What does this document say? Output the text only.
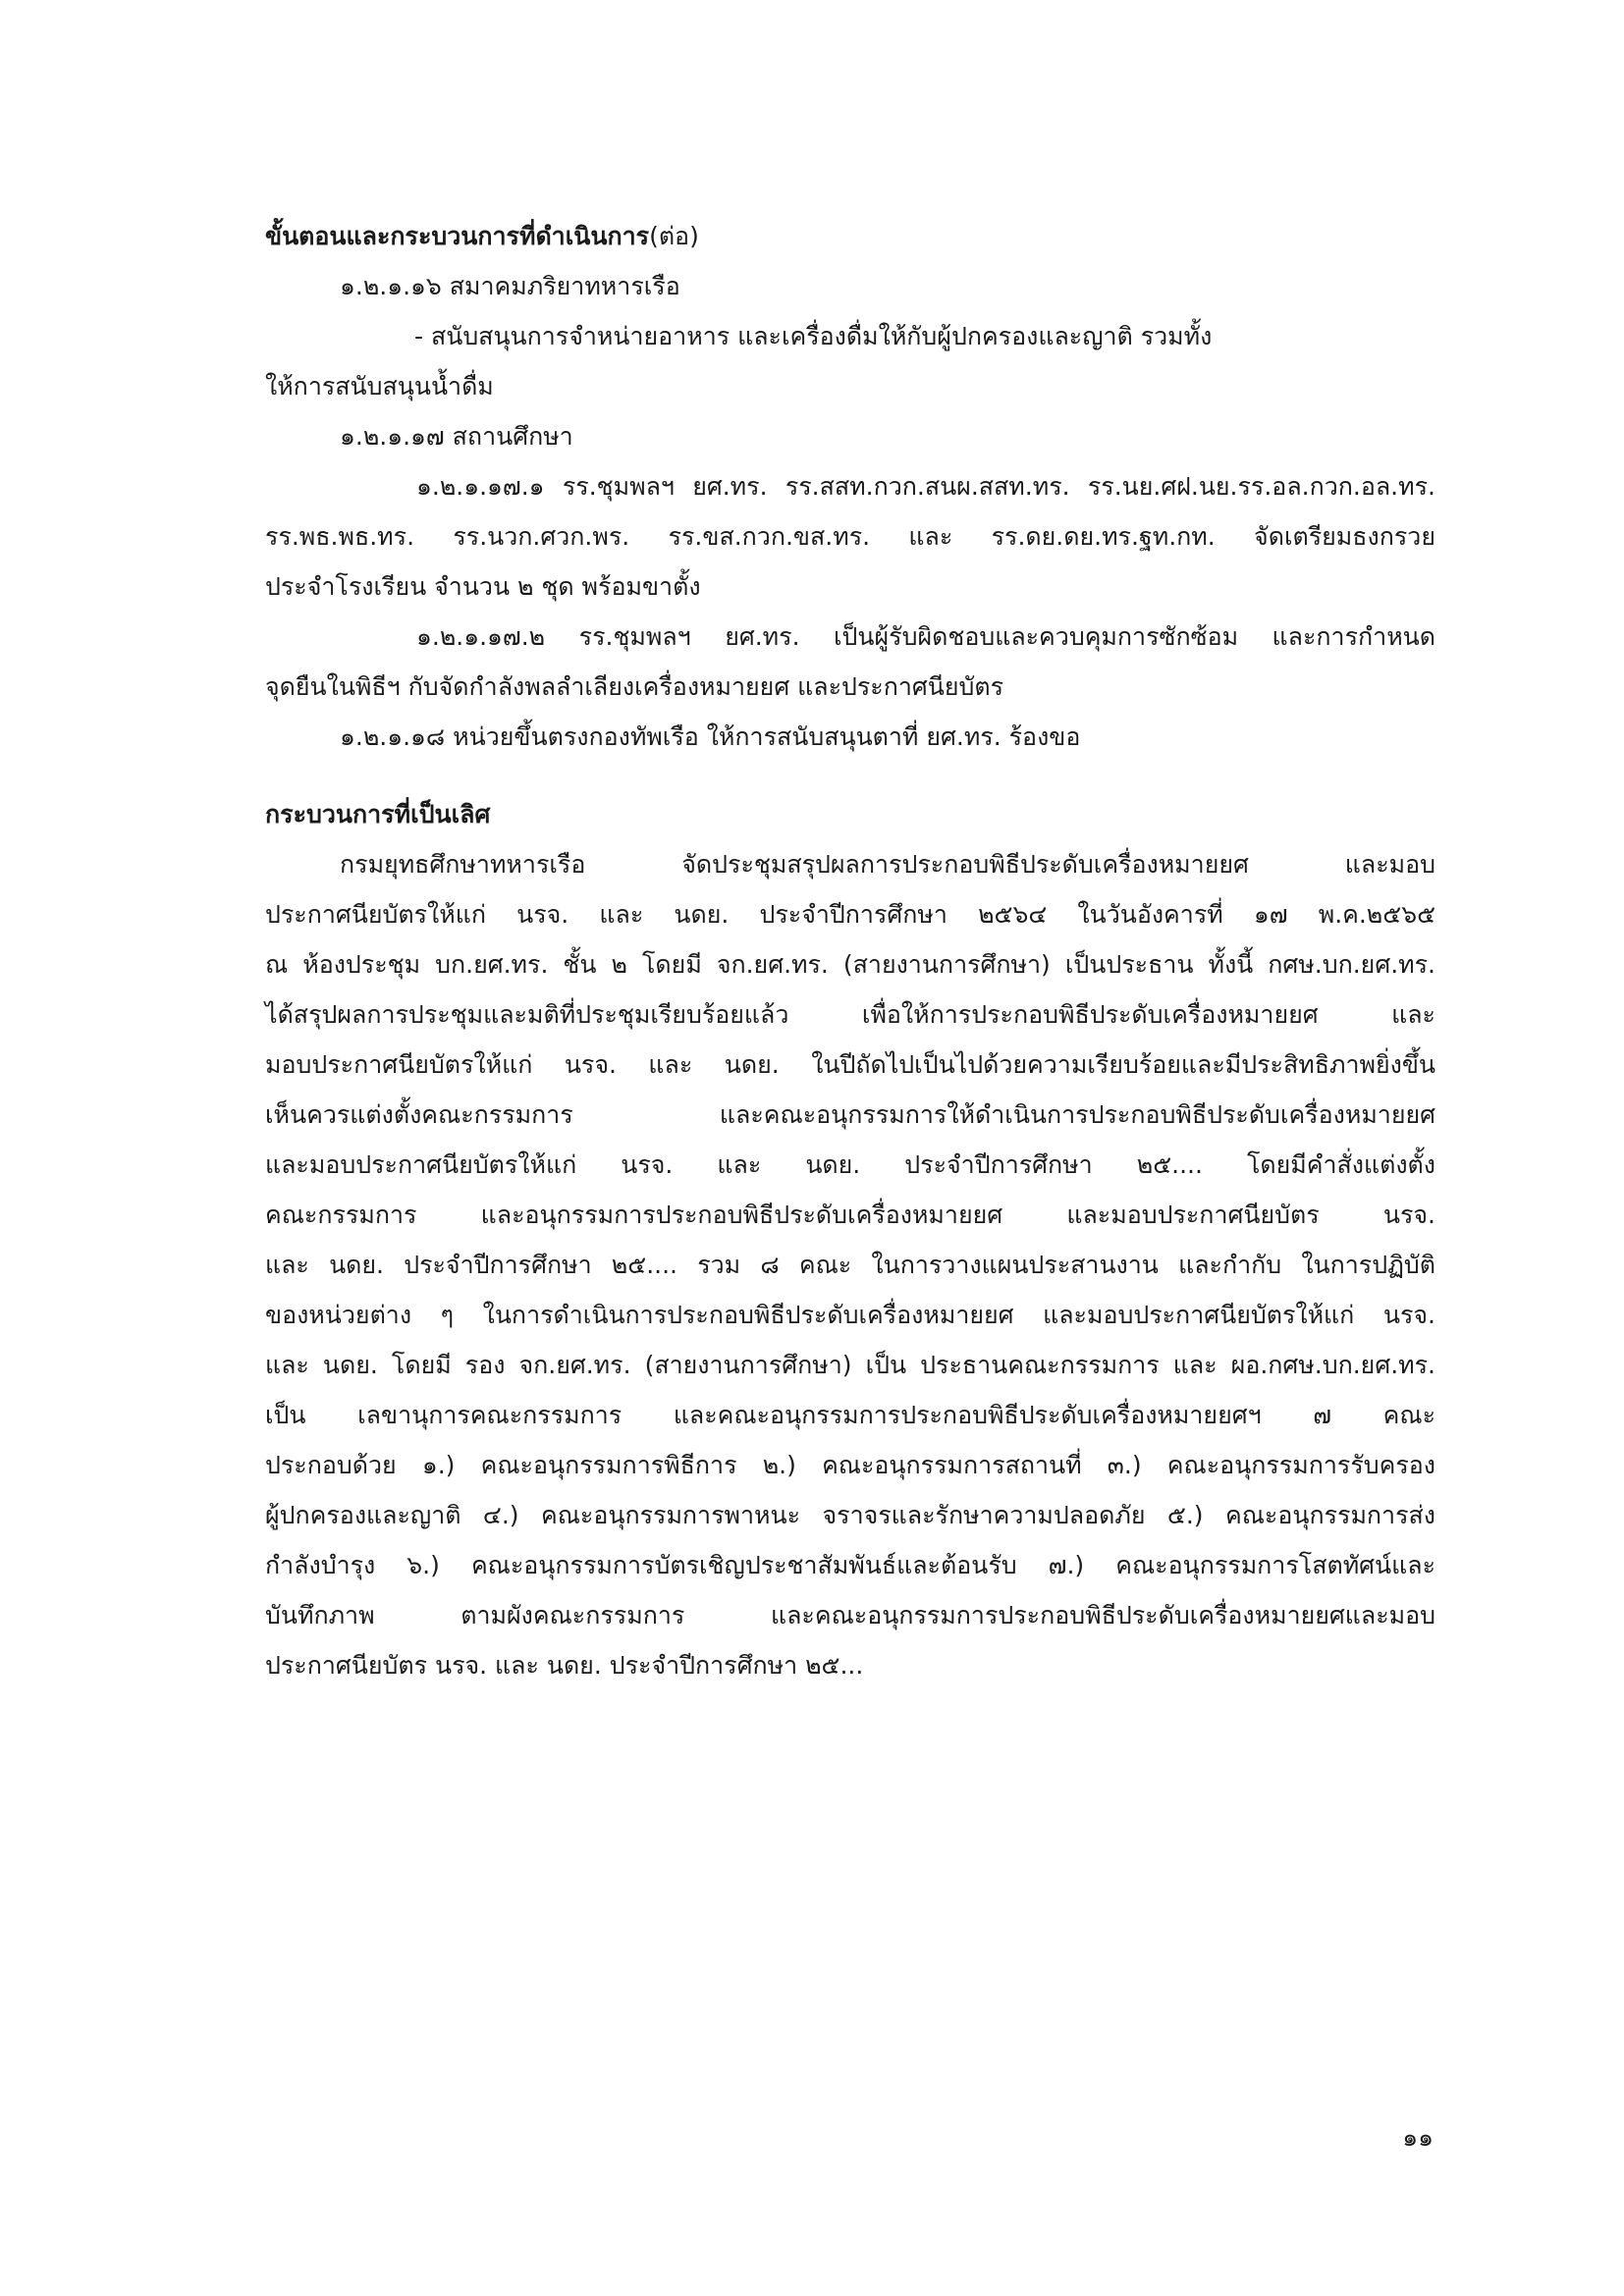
ขั้นตอนและกระบวนการที่ดำเนินการ(ต่อ)
๑.๒.๑.๑๖ สมาคมภริยาทหารเรือ
- สนับสนุนการจำหน่ายอาหาร และเครื่องดื่มให้กับผู้ปกครองและญาติ รวมทั้ง
ให้การสนับสนุนน้ำดื่ม
๑.๒.๑.๑๗ สถานศึกษา
๑.๒.๑.๑๗.๑ รร.ชุมพลฯ ยศ.ทร. รร.สสท.กวก.สนผ.สสท.ทร. รร.นย.ศฝ.นย.รร.อล.กวก.อล.ทร.
รร.พธ.พธ.ทร. รร.นวก.ศวก.พร. รร.ขส.กวก.ขส.ทร. และ รร.ดย.ดย.ทร.ฐท.กท. จัดเตรียมธงกรวย
ประจำโรงเรียน จำนวน ๒ ชุด พร้อมขาตั้ง
๑.๒.๑.๑๗.๒ รร.ชุมพลฯ ยศ.ทร. เป็นผู้รับผิดชอบและควบคุมการซักซ้อม และการกำหนด
จุดยืนในพิธีฯ กับจัดกำลังพลลำเลียงเครื่องหมายยศ และประกาศนียบัตร
๑.๒.๑.๑๘ หน่วยขึ้นตรงกองทัพเรือ ให้การสนับสนุนตาที่ ยศ.ทร. ร้องขอ
กระบวนการที่เป็นเลิศ
กรมยุทธศึกษาทหารเรือ จัดประชุมสรุปผลการประกอบพิธีประดับเครื่องหมายยศ และมอบ
ประกาศนียบัตรให้แก่ นรจ. และ นดย. ประจำปีการศึกษา ๒๕๖๔ ในวันอังคารที่ ๑๗ พ.ค.๒๕๖๕
ณ ห้องประชุม บก.ยศ.ทร. ชั้น ๒ โดยมี จก.ยศ.ทร. (สายงานการศึกษา) เป็นประธาน ทั้งนี้ กศษ.บก.ยศ.ทร.
ได้สรุปผลการประชุมและมติที่ประชุมเรียบร้อยแล้ว เพื่อให้การประกอบพิธีประดับเครื่องหมายยศ และ
มอบประกาศนียบัตรให้แก่ นรจ. และ นดย. ในปีถัดไปเป็นไปด้วยความเรียบร้อยและมีประสิทธิภาพยิ่งขึ้น
เห็นควรแต่งตั้งคณะกรรมการ และคณะอนุกรรมการให้ดำเนินการประกอบพิธีประดับเครื่องหมายยศ
และมอบประกาศนียบัตรให้แก่ นรจ. และ นดย. ประจำปีการศึกษา ๒๕.... โดยมีคำสั่งแต่งตั้ง
คณะกรรมการ และอนุกรรมการประกอบพิธีประดับเครื่องหมายยศ และมอบประกาศนียบัตร นรจ.
และ นดย. ประจำปีการศึกษา ๒๕.... รวม ๘ คณะ ในการวางแผนประสานงาน และกำกับ ในการปฏิบัติ
ของหน่วยต่าง ๆ ในการดำเนินการประกอบพิธีประดับเครื่องหมายยศ และมอบประกาศนียบัตรให้แก่ นรจ.
และ นดย. โดยมี รอง จก.ยศ.ทร. (สายงานการศึกษา) เป็น ประธานคณะกรรมการ และ ผอ.กศษ.บก.ยศ.ทร.
เป็น เลขานุการคณะกรรมการ และคณะอนุกรรมการประกอบพิธีประดับเครื่องหมายยศฯ ๗ คณะ
ประกอบด้วย ๑.) คณะอนุกรรมการพิธีการ ๒.) คณะอนุกรรมการสถานที่ ๓.) คณะอนุกรรมการรับครอง
ผู้ปกครองและญาติ ๔.) คณะอนุกรรมการพาหนะ จราจรและรักษาความปลอดภัย ๕.) คณะอนุกรรมการส่ง
กำลังบำรุง ๖.) คณะอนุกรรมการบัตรเชิญประชาสัมพันธ์และต้อนรับ ๗.) คณะอนุกรรมการโสตทัศน์และ
บันทึกภาพ ตามผังคณะกรรมการ และคณะอนุกรรมการประกอบพิธีประดับเครื่องหมายยศและมอบ
ประกาศนียบัตร นรจ. และ นดย. ประจำปีการศึกษา ๒๕...
๑๑
